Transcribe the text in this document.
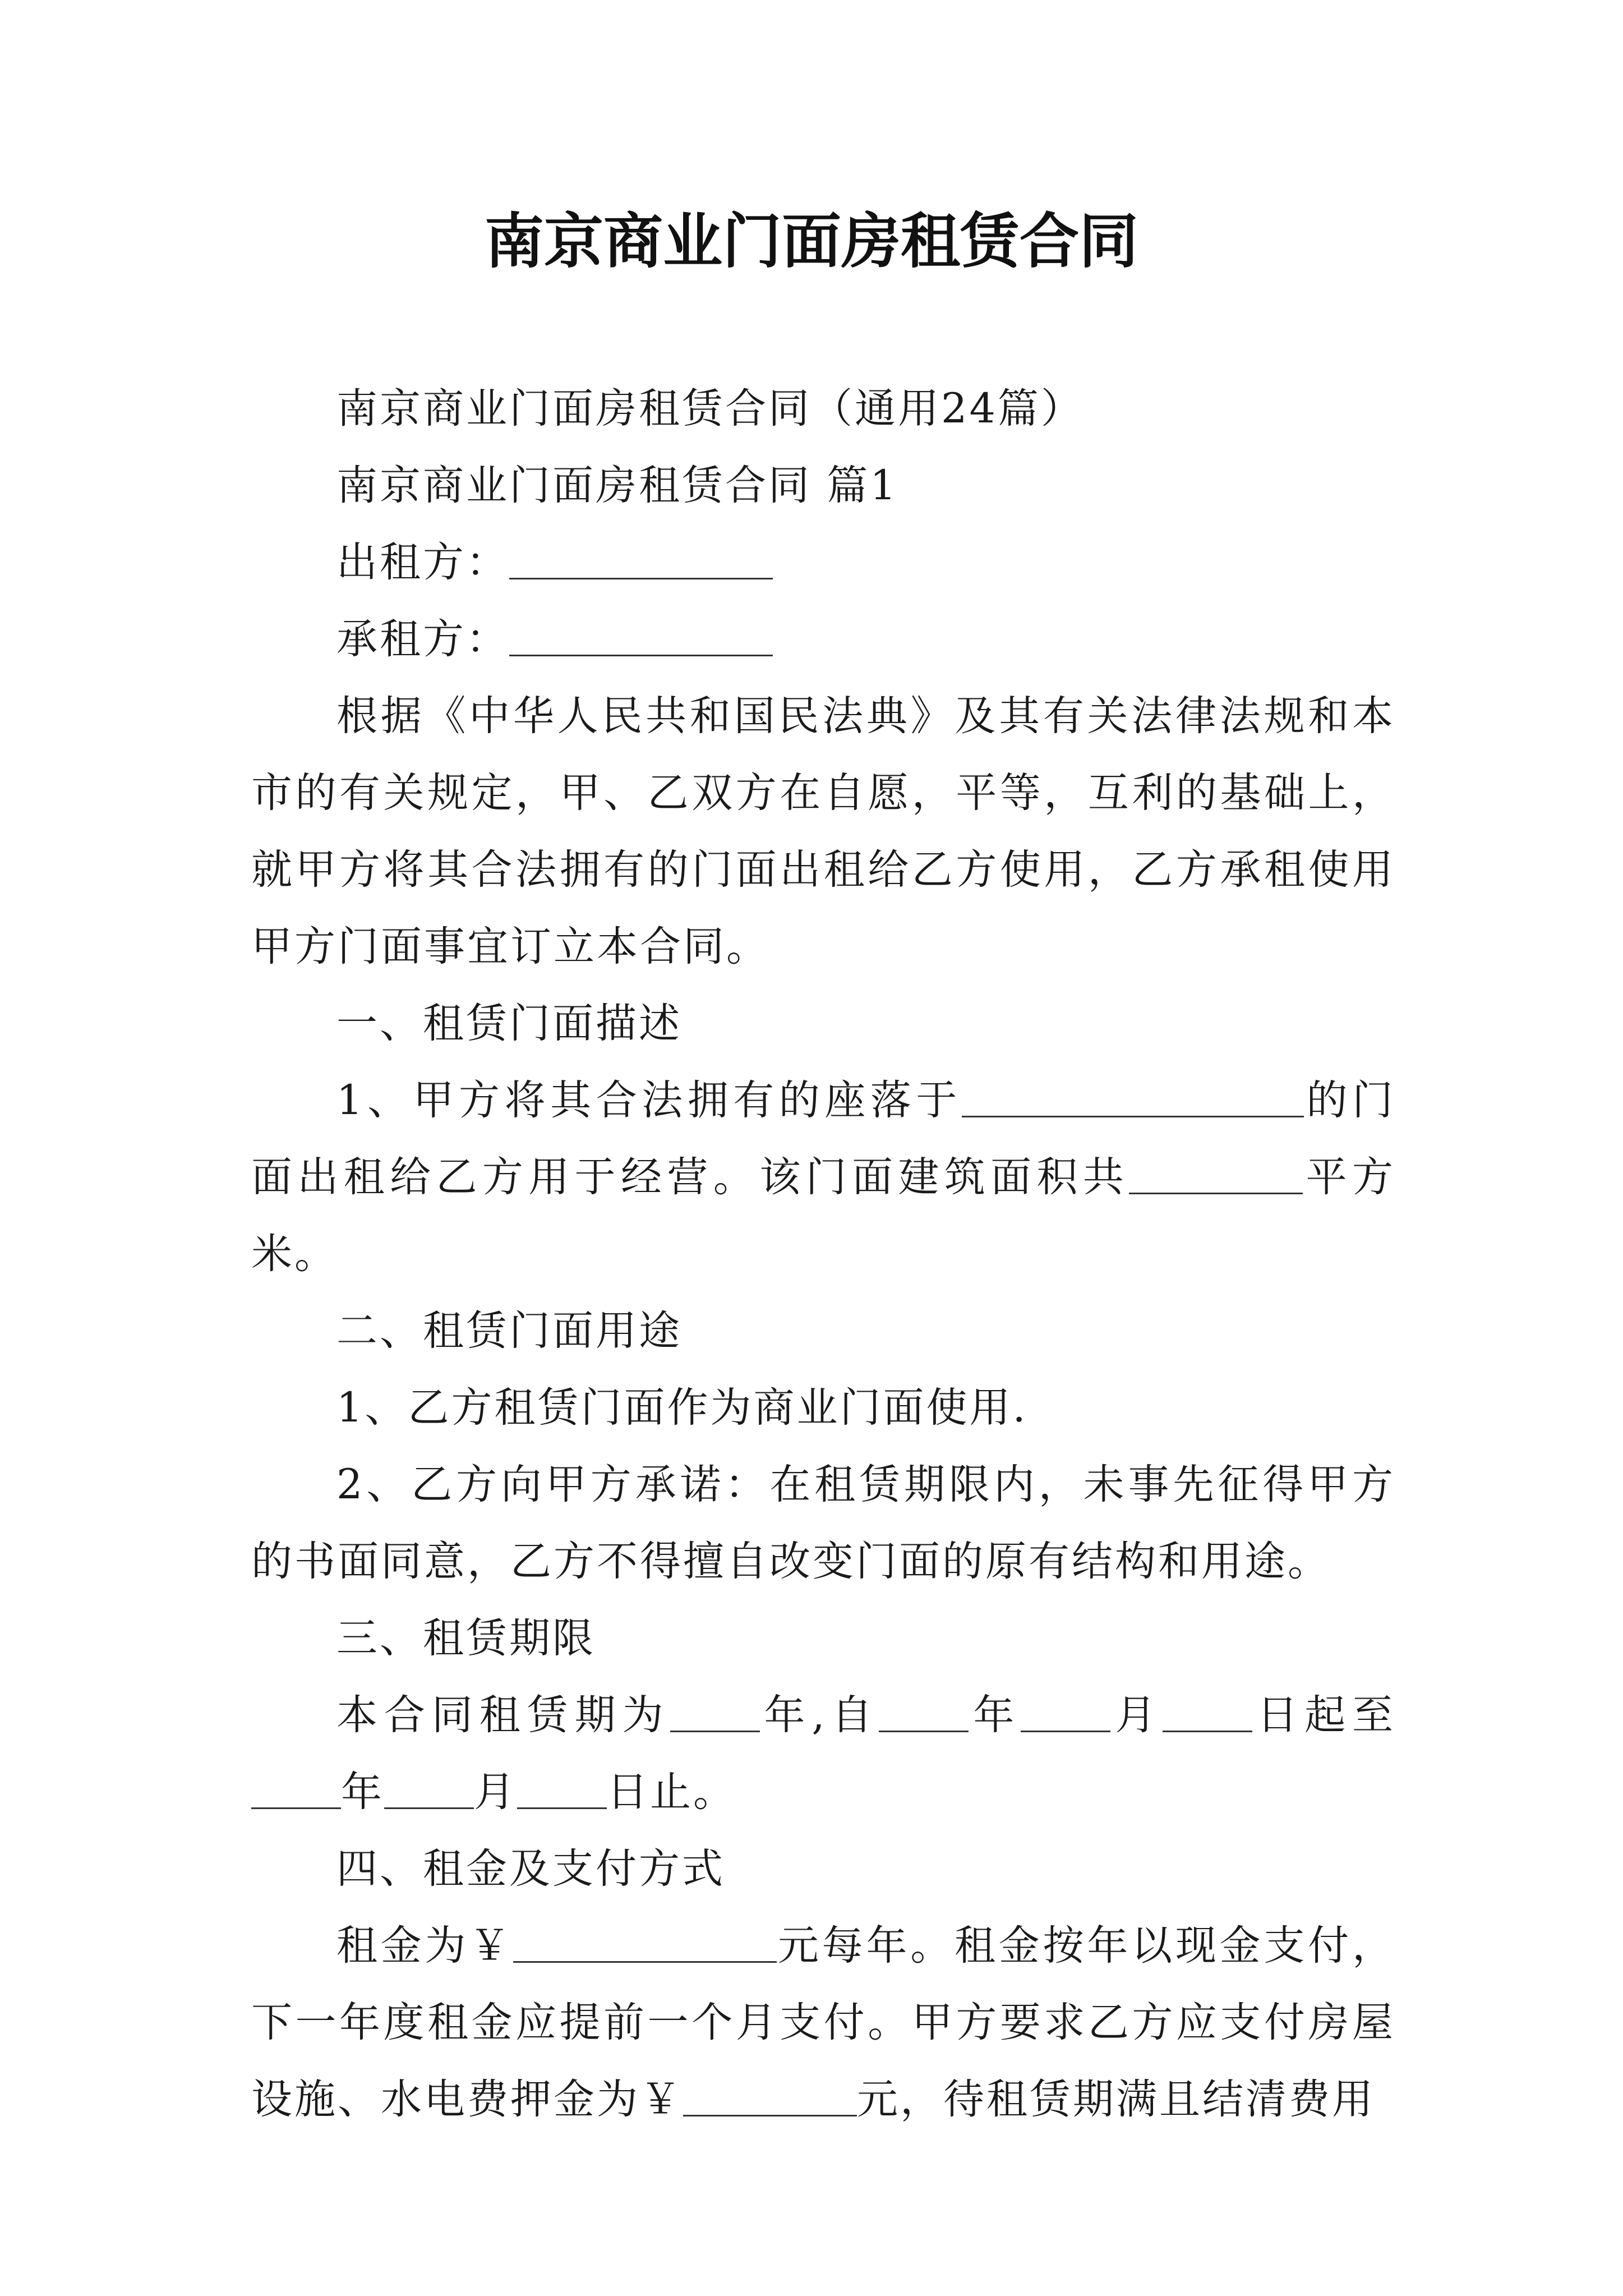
南京商业门面房租赁合同

南京商业门面房租赁合同（通用24篇）

南京商业门面房租赁合同 篇1

出租方：

承租方：

根据《中华人民共和国民法典》及其有关法律法规和本市的有关规定，甲、乙双方在自愿，平等，互利的基础上，就甲方将其合法拥有的门面出租给乙方使用，乙方承租使用甲方门面事宜订立本合同。

一、租赁门面描述

1、甲方将其合法拥有的座落于	的门面出租给乙方用于经营。该门面建筑面积共	平方米。

二、租赁门面用途

1、乙方租赁门面作为商业门面使用.

2、乙方向甲方承诺：在租赁期限内，未事先征得甲方的书面同意，乙方不得擅自改变门面的原有结构和用途。

三、租赁期限

本合同租赁期为 年,自 年 月 日起至年 月 日止。

四、租金及支付方式

租金为￥	元每年。租金按年以现金支付，下一年度租金应提前一个月支付。甲方要求乙方应支付房屋设施、水电费押金为￥	元，待租赁期满且结清费用
